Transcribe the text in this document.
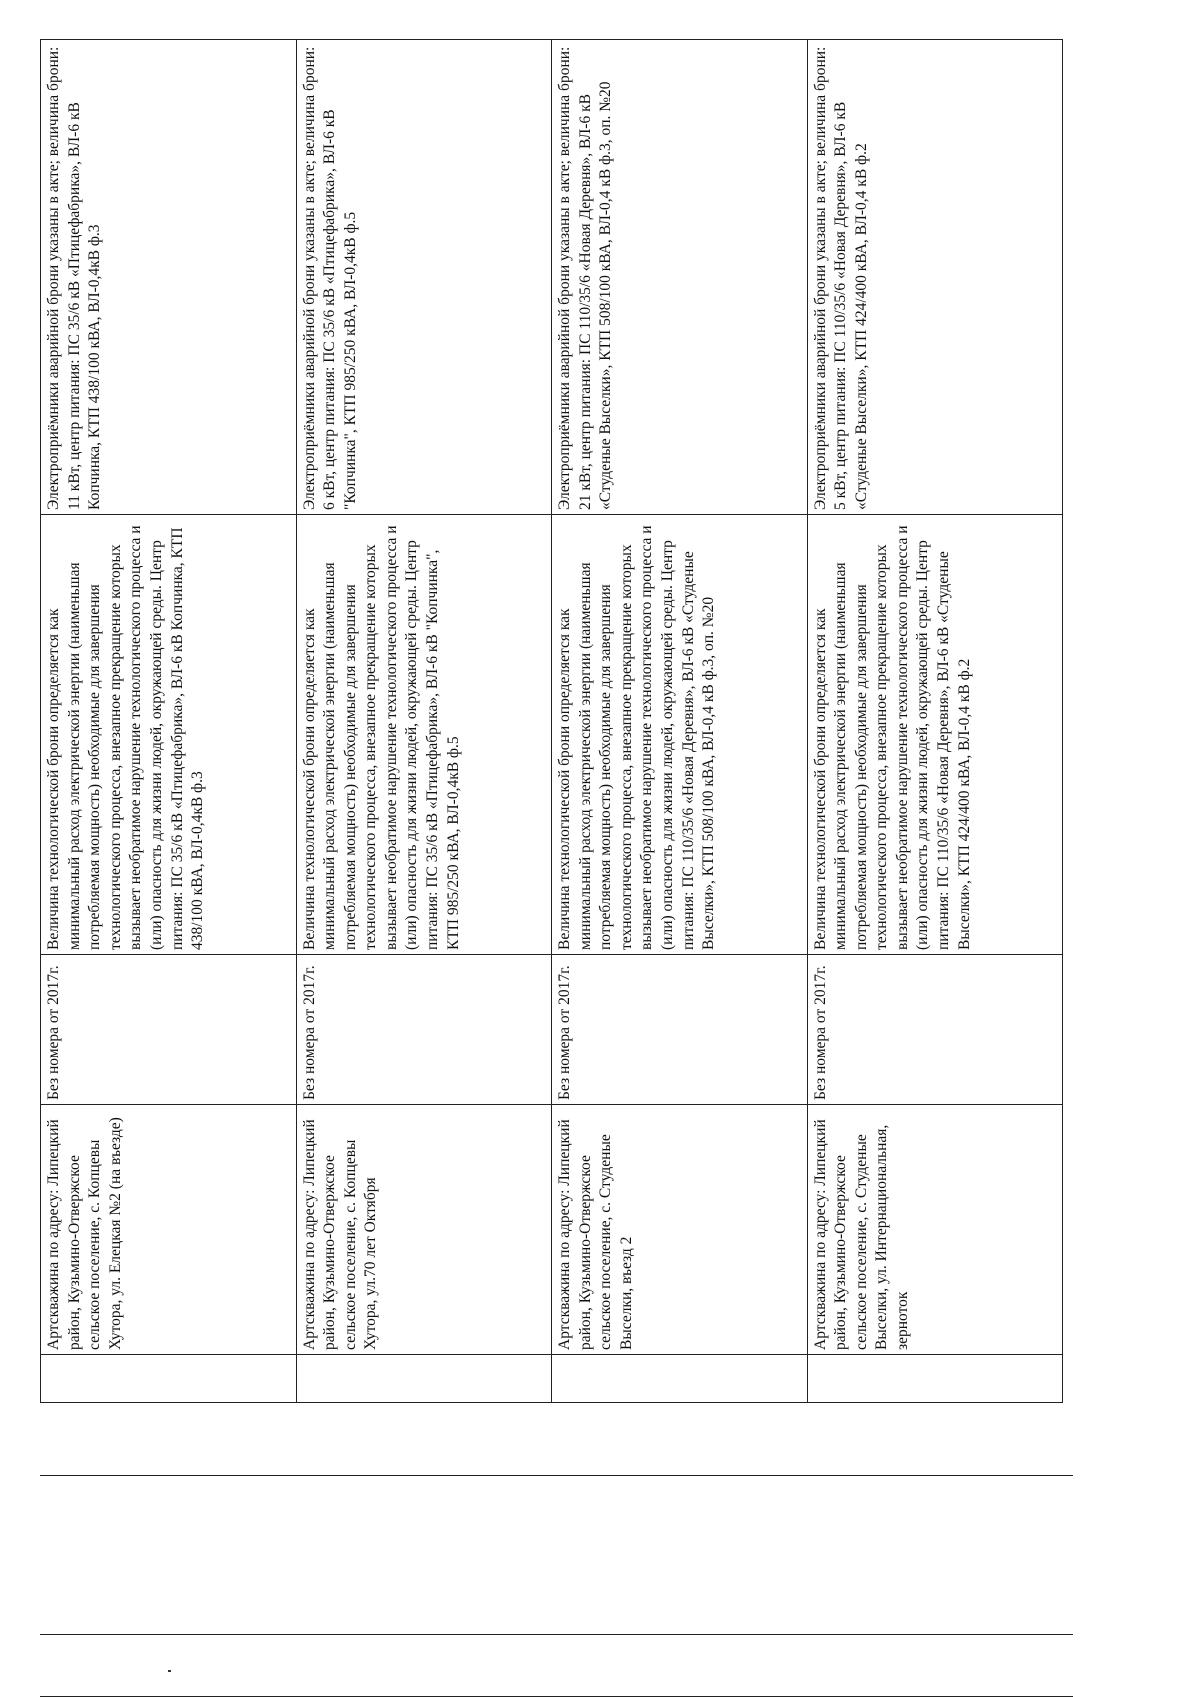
	Артскважина по адресу: Липецкий район, Кузьмино-Отвержское сельское поселение, с. Копцевы Хутора, ул. Елецкая №2 (на въезде)	Без номера от 2017г.	Величина технологической брони определяется как минимальный расход электрической энергии (наименьшая потребляемая мощность) необходимые для завершения технологического процесса, внезапное прекращение которых вызывает необратимое нарушение технологического процесса и (или) опасность для жизни людей, окружающей среды. Центр питания: ПС 35/6 кВ «Птицефабрика», ВЛ-6 кВ Копчинка, КТП 438/100 кВА, ВЛ-0,4кВ ф.3	Электроприёмники аварийной брони указаны в акте; величина брони: 11 кВт, центр питания: ПС 35/6 кВ «Птицефабрика», ВЛ-6 кВ Копчинка, КТП 438/100 кВА, ВЛ-0,4кВ ф.3
	Артскважина по адресу: Липецкий район, Кузьмино-Отвержское сельское поселение, с. Копцевы Хутора, ул.70 лет Октября	Без номера от 2017г.	Величина технологической брони определяется как минимальный расход электрической энергии (наименьшая потребляемая мощность) необходимые для завершения технологического процесса, внезапное прекращение которых вызывает необратимое нарушение технологического процесса и (или) опасность для жизни людей, окружающей среды. Центр питания: ПС 35/6 кВ «Птицефабрика», ВЛ-6 кВ "Копчинка", КТП 985/250 кВА, ВЛ-0,4кВ ф.5	Электроприёмники аварийной брони указаны в акте; величина брони: 6 кВт, центр питания: ПС 35/6 кВ «Птицефабрика», ВЛ-6 кВ "Копчинка", КТП 985/250 кВА, ВЛ-0,4кВ ф.5
	Артскважина по адресу: Липецкий район, Кузьмино-Отвержское сельское поселение, с. Студеные Выселки, въезд 2	Без номера от 2017г.	Величина технологической брони определяется как минимальный расход электрической энергии (наименьшая потребляемая мощность) необходимые для завершения технологического процесса, внезапное прекращение которых вызывает необратимое нарушение технологического процесса и (или) опасность для жизни людей, окружающей среды. Центр питания: ПС 110/35/6 «Новая Деревня», ВЛ-6 кВ «Студеные Выселки», КТП 508/100 кВА, ВЛ-0,4 кВ ф.3, оп. №20	Электроприёмники аварийной брони указаны в акте; величина брони: 21 кВт, центр питания: ПС 110/35/6 «Новая Деревня», ВЛ-6 кВ «Студеные Выселки», КТП 508/100 кВА, ВЛ-0,4 кВ ф.3, оп. №20
	Артскважина по адресу: Липецкий район, Кузьмино-Отвержское сельское поселение, с. Студеные Выселки, ул. Интернациональная, зерноток	Без номера от 2017г.	Величина технологической брони определяется как минимальный расход электрической энергии (наименьшая потребляемая мощность) необходимые для завершения технологического процесса, внезапное прекращение которых вызывает необратимое нарушение технологического процесса и (или) опасность для жизни людей, окружающей среды. Центр питания: ПС 110/35/6 «Новая Деревня», ВЛ-6 кВ «Студеные Выселки», КТП 424/400 кВА, ВЛ-0,4 кВ ф.2	Электроприёмники аварийной брони указаны в акте; величина брони: 5 кВт, центр питания: ПС 110/35/6 «Новая Деревня», ВЛ-6 кВ «Студеные Выселки», КТП 424/400 кВА, ВЛ-0,4 кВ ф.2
